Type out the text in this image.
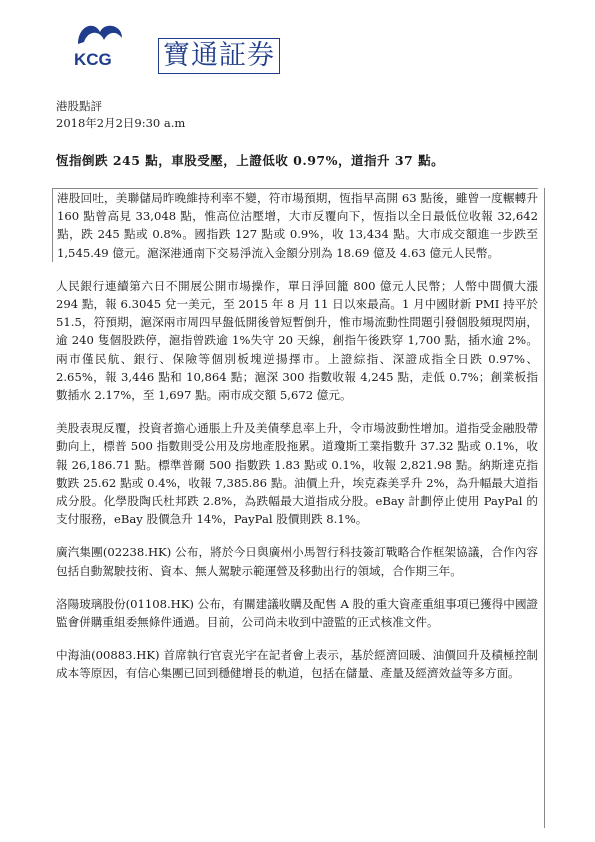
KCG 寶通証券
港股點評
2018年2月2日9:30 a.m
恆指倒跌 245 點，車股受壓，上證低收 0.97%，道指升 37 點。

港股回吐，美聯儲局昨晚維持利率不變，符市場預期，恆指早高開 63 點後，雖曾一度輾轉升 160 點曾高見 33,048 點，惟高位沽壓增，大市反覆向下，恆指以全日最低位收報 32,642 點，跌 245 點或 0.8%。國指跌 127 點或 0.9%，收 13,434 點。大市成交額進一步跌至 1,545.49 億元。滬深港通南下交易淨流入金額分別為 18.69 億及 4.63 億元人民幣。

人民銀行連續第六日不開展公開市場操作，單日淨回籠 800 億元人民幣；人幣中間價大漲 294 點，報 6.3045 兌一美元，至 2015 年 8 月 11 日以來最高。1 月中國財新 PMI 持平於 51.5，符預期，滬深兩市周四早盤低開後曾短暫倒升，惟市場流動性問題引發個股頻現閃崩，逾 240 隻個股跌停，滬指曾跌逾 1%失守 20 天線，創指午後跌穿 1,700 點，插水逾 2%。兩市僅民航、銀行、保險等個別板塊逆揚擇市。上證綜指、深證成指全日跌 0.97%、2.65%，報 3,446 點和 10,864 點；滬深 300 指數收報 4,245 點，走低 0.7%；創業板指數插水 2.17%，至 1,697 點。兩市成交額 5,672 億元。

美股表現反覆，投資者擔心通脹上升及美債孳息率上升，令市場波動性增加。道指受金融股帶動向上，標普 500 指數則受公用及房地產股拖累。道瓊斯工業指數升 37.32 點或 0.1%，收報 26,186.71 點。標準普爾 500 指數跌 1.83 點或 0.1%，收報 2,821.98 點。納斯達克指數跌 25.62 點或 0.4%，收報 7,385.86 點。油價上升，埃克森美孚升 2%，為升幅最大道指成分股。化學股陶氏杜邦跌 2.8%，為跌幅最大道指成分股。eBay 計劃停止使用 PayPal 的支付服務，eBay 股價急升 14%，PayPal 股價則跌 8.1%。

廣汽集團(02238.HK) 公布，將於今日與廣州小馬智行科技簽訂戰略合作框架協議，合作內容包括自動駕駛技術、資本、無人駕駛示範運營及移動出行的領域，合作期三年。

洛陽玻璃股份(01108.HK) 公布，有關建議收購及配售 A 股的重大資產重組事項已獲得中國證監會併購重組委無條件通過。目前，公司尚未收到中證監的正式核准文件。

中海油(00883.HK) 首席執行官袁光宇在記者會上表示，基於經濟回暖、油價回升及積極控制成本等原因，有信心集團已回到穩健增長的軌道，包括在儲量、產量及經濟效益等多方面。
